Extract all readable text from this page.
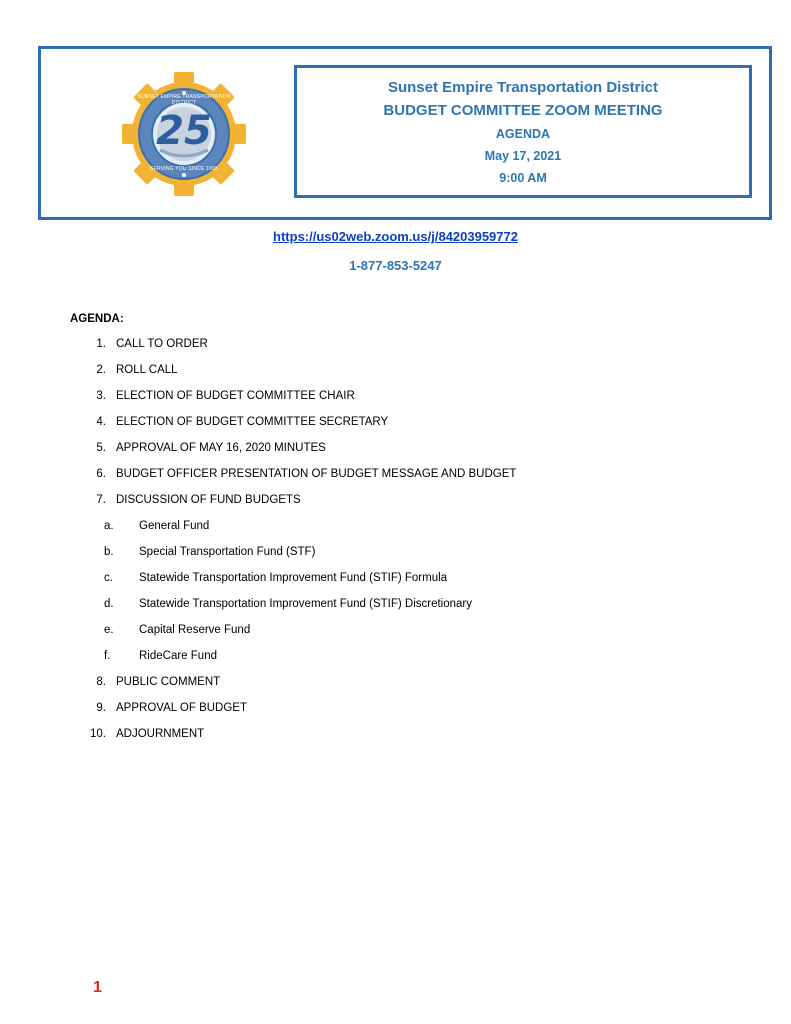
25
SUNSET EMPIRE TRANSPORTATION DISTRICT
SERVING YOU SINCE 1995
Sunset Empire Transportation District
BUDGET COMMITTEE ZOOM MEETING
AGENDA
May 17, 2021
9:00 AM
https://us02web.zoom.us/j/84203959772
1-877-853-5247
AGENDA:
1. CALL TO ORDER
2. ROLL CALL
3. ELECTION OF BUDGET COMMITTEE CHAIR
4. ELECTION OF BUDGET COMMITTEE SECRETARY
5. APPROVAL OF MAY 16, 2020 MINUTES
6. BUDGET OFFICER PRESENTATION OF BUDGET MESSAGE AND BUDGET
7. DISCUSSION OF FUND BUDGETS
a.	General Fund
b.	Special Transportation Fund (STF)
c.	Statewide Transportation Improvement Fund (STIF) Formula
d.	Statewide Transportation Improvement Fund (STIF) Discretionary
e.	Capital Reserve Fund
f.	RideCare Fund
8. PUBLIC COMMENT
9. APPROVAL OF BUDGET
10. ADJOURNMENT
1
